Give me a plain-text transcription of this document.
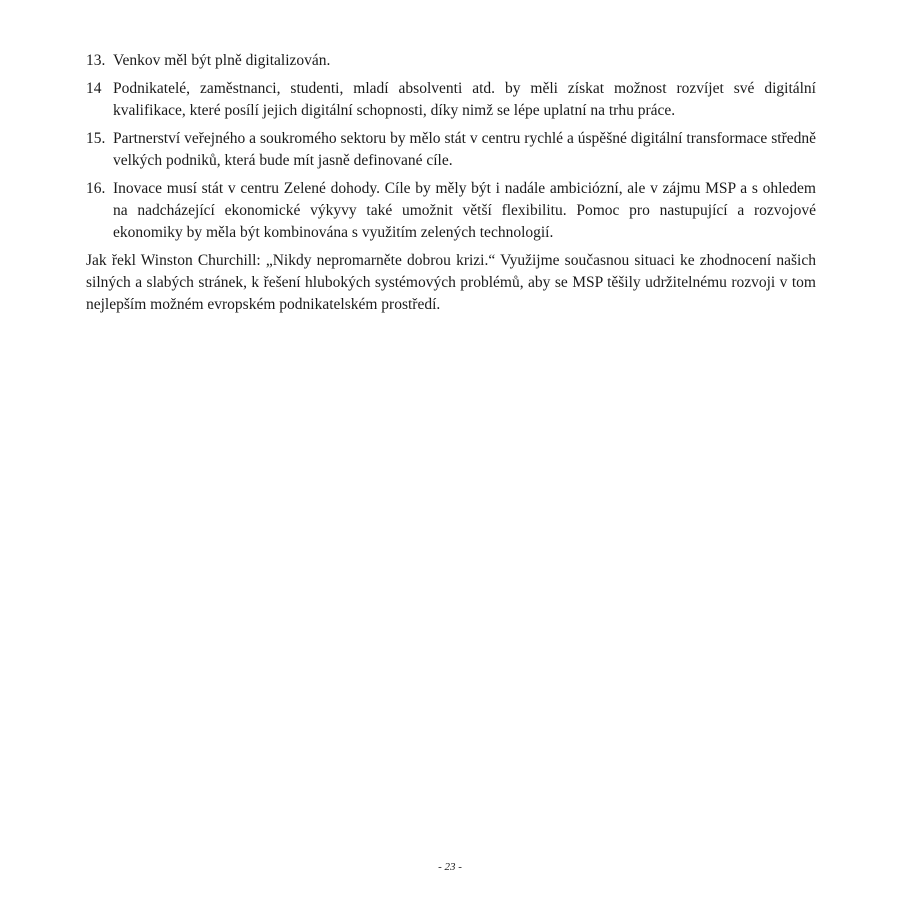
13. Venkov měl být plně digitalizován.
14 Podnikatelé, zaměstnanci, studenti, mladí absolventi atd. by měli získat možnost rozvíjet své digitální kvalifikace, které posílí jejich digitální schopnosti, díky nimž se lépe uplatní na trhu práce.
15. Partnerství veřejného a soukromého sektoru by mělo stát v centru rychlé a úspěšné digitální transformace středně velkých podniků, která bude mít jasně definované cíle.
16. Inovace musí stát v centru Zelené dohody. Cíle by měly být i nadále ambiciózní, ale v zájmu MSP a s ohledem na nadcházející ekonomické výkyvy také umožnit větší flexibilitu. Pomoc pro nastupující a rozvojové ekonomiky by měla být kombinována s využitím zelených technologií.

Jak řekl Winston Churchill: „Nikdy nepromarněte dobrou krizi.“ Využijme současnou situaci ke zhodnocení našich silných a slabých stránek, k řešení hlubokých systémových problémů, aby se MSP těšily udržitelnému rozvoji v tom nejlepším možném evropském podnikatelském prostředí.

- 23 -
